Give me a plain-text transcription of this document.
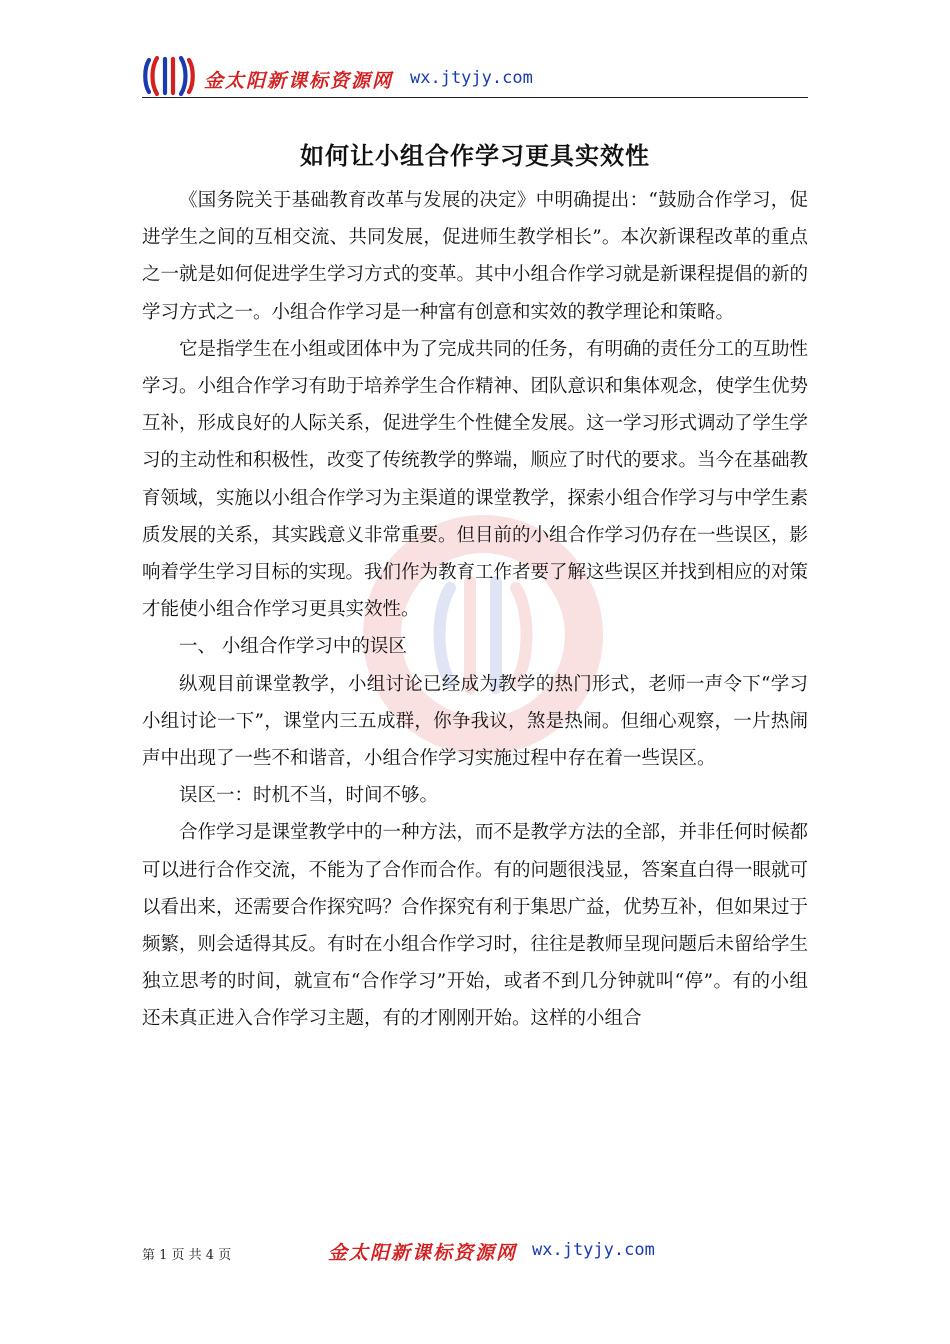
金太阳新课标资源网 wx.jtyjy.com
如何让小组合作学习更具实效性

《国务院关于基础教育改革与发展的决定》中明确提出：“鼓励合作学习，促进学生之间的互相交流、共同发展，促进师生教学相长”。本次新课程改革的重点之一就是如何促进学生学习方式的变革。其中小组合作学习就是新课程提倡的新的学习方式之一。小组合作学习是一种富有创意和实效的教学理论和策略。

它是指学生在小组或团体中为了完成共同的任务，有明确的责任分工的互助性学习。小组合作学习有助于培养学生合作精神、团队意识和集体观念，使学生优势互补，形成良好的人际关系，促进学生个性健全发展。这一学习形式调动了学生学习的主动性和积极性，改变了传统教学的弊端，顺应了时代的要求。当今在基础教育领域，实施以小组合作学习为主渠道的课堂教学，探索小组合作学习与中学生素质发展的关系，其实践意义非常重要。但目前的小组合作学习仍存在一些误区，影响着学生学习目标的实现。我们作为教育工作者要了解这些误区并找到相应的对策才能使小组合作学习更具实效性。

一、 小组合作学习中的误区

纵观目前课堂教学，小组讨论已经成为教学的热门形式，老师一声令下“学习小组讨论一下”，课堂内三五成群，你争我议，煞是热闹。但细心观察，一片热闹声中出现了一些不和谐音，小组合作学习实施过程中存在着一些误区。

误区一：时机不当，时间不够。

合作学习是课堂教学中的一种方法，而不是教学方法的全部，并非任何时候都可以进行合作交流，不能为了合作而合作。有的问题很浅显，答案直白得一眼就可以看出来，还需要合作探究吗？合作探究有利于集思广益，优势互补，但如果过于频繁，则会适得其反。有时在小组合作学习时，往往是教师呈现问题后未留给学生独立思考的时间，就宣布“合作学习”开始，或者不到几分钟就叫“停”。有的小组还未真正进入合作学习主题，有的才刚刚开始。这样的小组合

第 1 页 共 4 页	金太阳新课标资源网 wx.jtyjy.com
